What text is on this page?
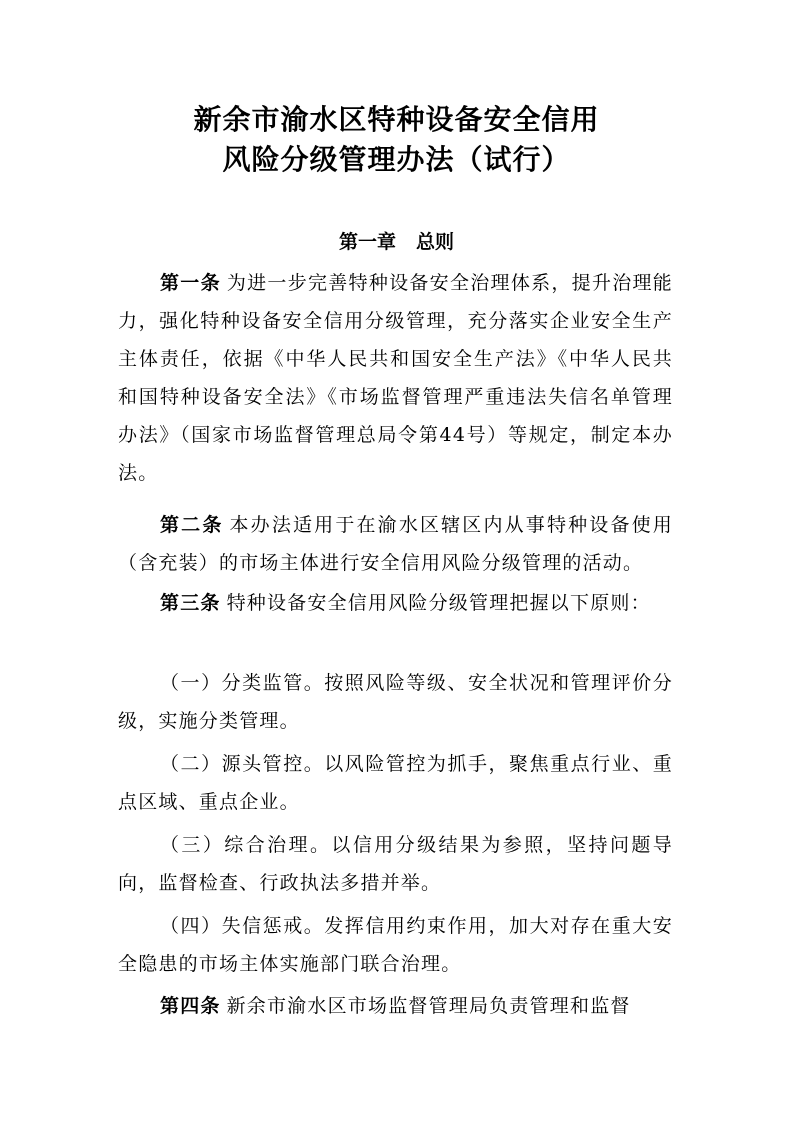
新余市渝水区特种设备安全信用
风险分级管理办法（试行）
第一章 总则
第一条 为进一步完善特种设备安全治理体系，提升治理能力，强化特种设备安全信用分级管理，充分落实企业安全生产主体责任，依据《中华人民共和国安全生产法》《中华人民共和国特种设备安全法》《市场监督管理严重违法失信名单管理办法》（国家市场监督管理总局令第44号）等规定，制定本办法。
第二条 本办法适用于在渝水区辖区内从事特种设备使用（含充装）的市场主体进行安全信用风险分级管理的活动。
第三条 特种设备安全信用风险分级管理把握以下原则：
（一）分类监管。按照风险等级、安全状况和管理评价分级，实施分类管理。
（二）源头管控。以风险管控为抓手，聚焦重点行业、重点区域、重点企业。
（三）综合治理。以信用分级结果为参照，坚持问题导向，监督检查、行政执法多措并举。
（四）失信惩戒。发挥信用约束作用，加大对存在重大安全隐患的市场主体实施部门联合治理。
第四条 新余市渝水区市场监督管理局负责管理和监督
